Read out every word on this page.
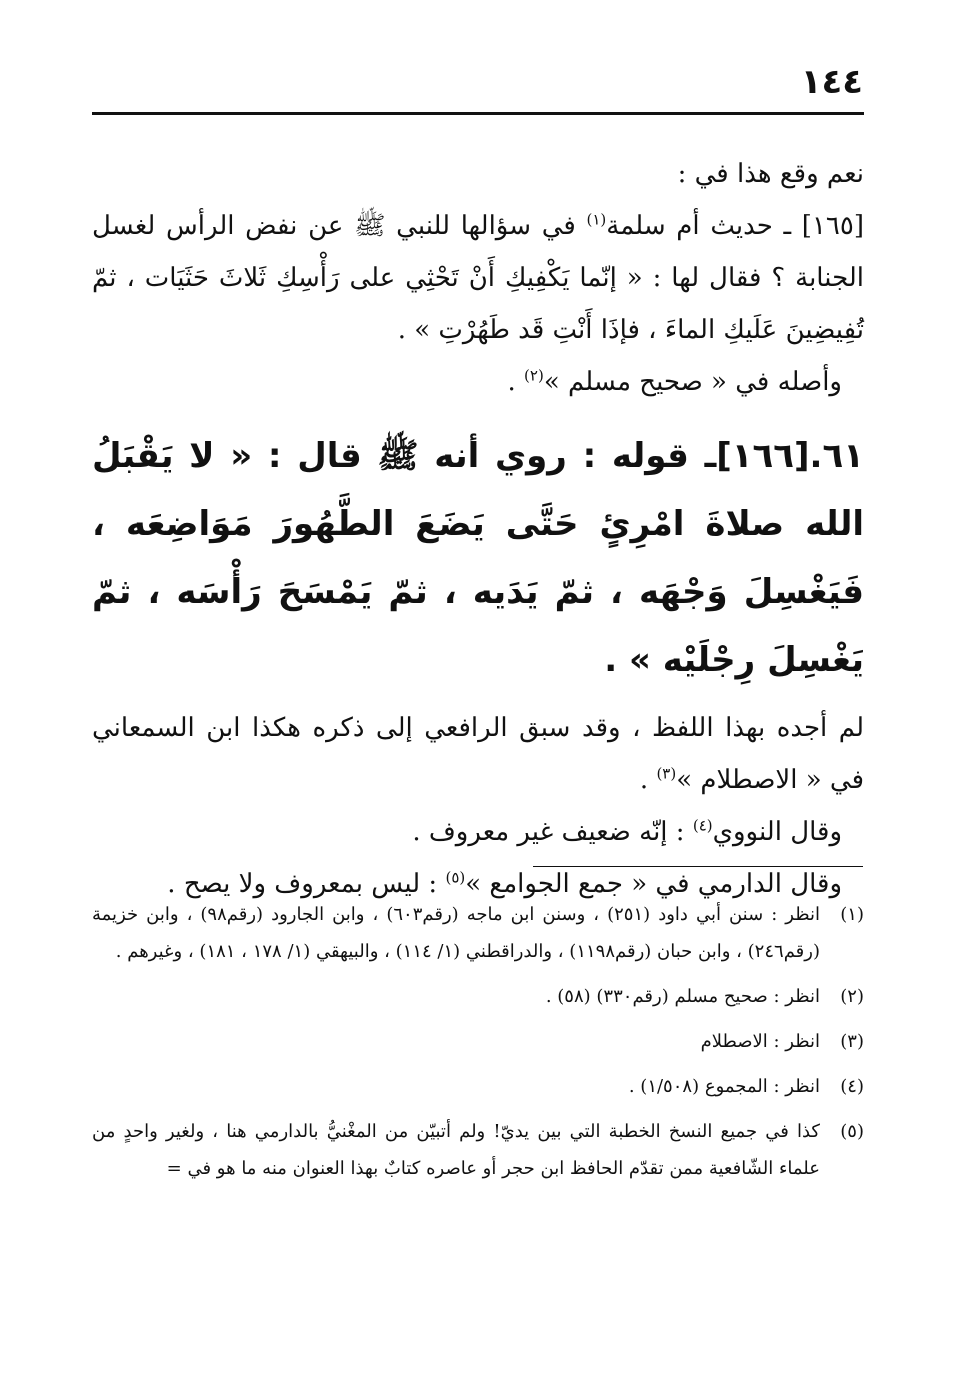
١٤٤

نعم وقع هذا في :

[١٦٥] ـ حديث أم سلمة$^{(١)}$ في سؤالها للنبي ﷺ عن نفض الرأس لغسل الجنابة ؟ فقال لها : « إنّما يَكْفِيكِ أَنْ تَحْثِي على رَأْسِكِ ثَلاثَ حَثَيَات ، ثمّ تُفِيضِينَ عَلَيكِ الماءَ ، فإذَا أَنْتِ قَد طَهُرْتِ » .

وأصله في « صحيح مسلم »$^{(٢)}$ .

٦١.[١٦٦]ـ قوله : روي أنه ﷺ قال : « لا يَقْبَلُ الله صلاةَ امْرِئٍ حَتَّى يَضَعَ الطَّهُورَ مَوَاضِعَه ، فَيَغْسِلَ وَجْهَه ، ثمّ يَدَيه ، ثمّ يَمْسَحَ رَأْسَه ، ثمّ يَغْسِلَ رِجْلَيْه » .

لم أجده بهذا اللفظ ، وقد سبق الرافعي إلى ذكره هكذا ابن السمعاني في « الاصطلام »$^{(٣)}$ .

وقال النووي$^{(٤)}$ : إنّه ضعيف غير معروف .

وقال الدارمي في « جمع الجوامع »$^{(٥)}$ : ليس بمعروف ولا يصح .

(١)
انظر : سنن أبي داود (٢٥١) ، وسنن ابن ماجه (رقم٦٠٣) ، وابن الجارود (رقم٩٨) ، وابن خزيمة (رقم٢٤٦) ، وابن حبان (رقم١١٩٨) ، والدراقطني (١/ ١١٤) ، والبيهقي (١/ ١٧٨ ، ١٨١) ، وغيرهم .
(٢)
انظر : صحيح مسلم (رقم٣٣٠) (٥٨) .
(٣)
انظر : الاصطلام
(٤)
انظر : المجموع (١/٥٠٨) .
(٥)
كذا في جميع النسخ الخطبة التي بين يديّ! ولم أتبيّن من المغْنيُّ بالدارمي هنا ، ولغير واحدٍ من علماء الشّافعية ممن تقدّم الحافظ ابن حجر أو عاصره كتابٌ بهذا العنوان منه ما هو في =
